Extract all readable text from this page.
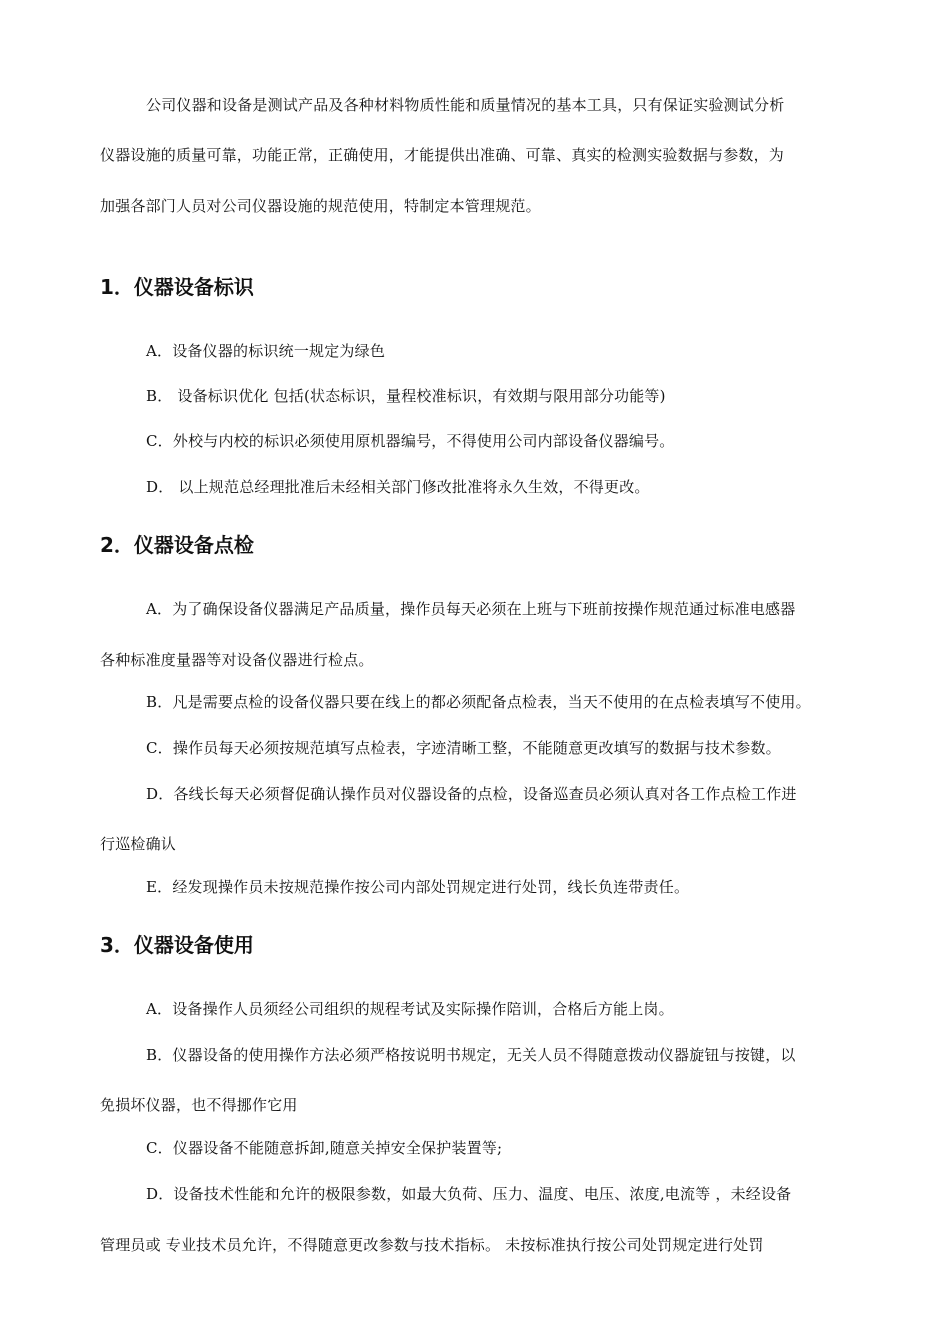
公司仪器和设备是测试产品及各种材料物质性能和质量情况的基本工具，只有保证实验测试分析
仪器设施的质量可靠，功能正常，正确使用，才能提供出准确、可靠、真实的检测实验数据与参数，为
加强各部门人员对公司仪器设施的规范使用，特制定本管理规范。
1．仪器设备标识
A．设备仪器的标识统一规定为绿色
B． 设备标识优化 包括(状态标识，量程校准标识，有效期与限用部分功能等)
C．外校与内校的标识必须使用原机器编号，不得使用公司内部设备仪器编号。
D． 以上规范总经理批准后未经相关部门修改批准将永久生效，不得更改。
2．仪器设备点检
A．为了确保设备仪器满足产品质量，操作员每天必须在上班与下班前按操作规范通过标准电感器
各种标准度量器等对设备仪器进行检点。
B．凡是需要点检的设备仪器只要在线上的都必须配备点检表，当天不使用的在点检表填写不使用。
C．操作员每天必须按规范填写点检表，字迹清晰工整，不能随意更改填写的数据与技术参数。
D．各线长每天必须督促确认操作员对仪器设备的点检，设备巡查员必须认真对各工作点检工作进
行巡检确认
E．经发现操作员未按规范操作按公司内部处罚规定进行处罚，线长负连带责任。
3．仪器设备使用
A．设备操作人员须经公司组织的规程考试及实际操作陪训，合格后方能上岗。
B．仪器设备的使用操作方法必须严格按说明书规定，无关人员不得随意拨动仪器旋钮与按键，以
免损坏仪器，也不得挪作它用
C．仪器设备不能随意拆卸,随意关掉安全保护装置等;
D．设备技术性能和允许的极限参数，如最大负荷、压力、温度、电压、浓度,电流等 ，未经设备
管理员或 专业技术员允许，不得随意更改参数与技术指标。 未按标准执行按公司处罚规定进行处罚
